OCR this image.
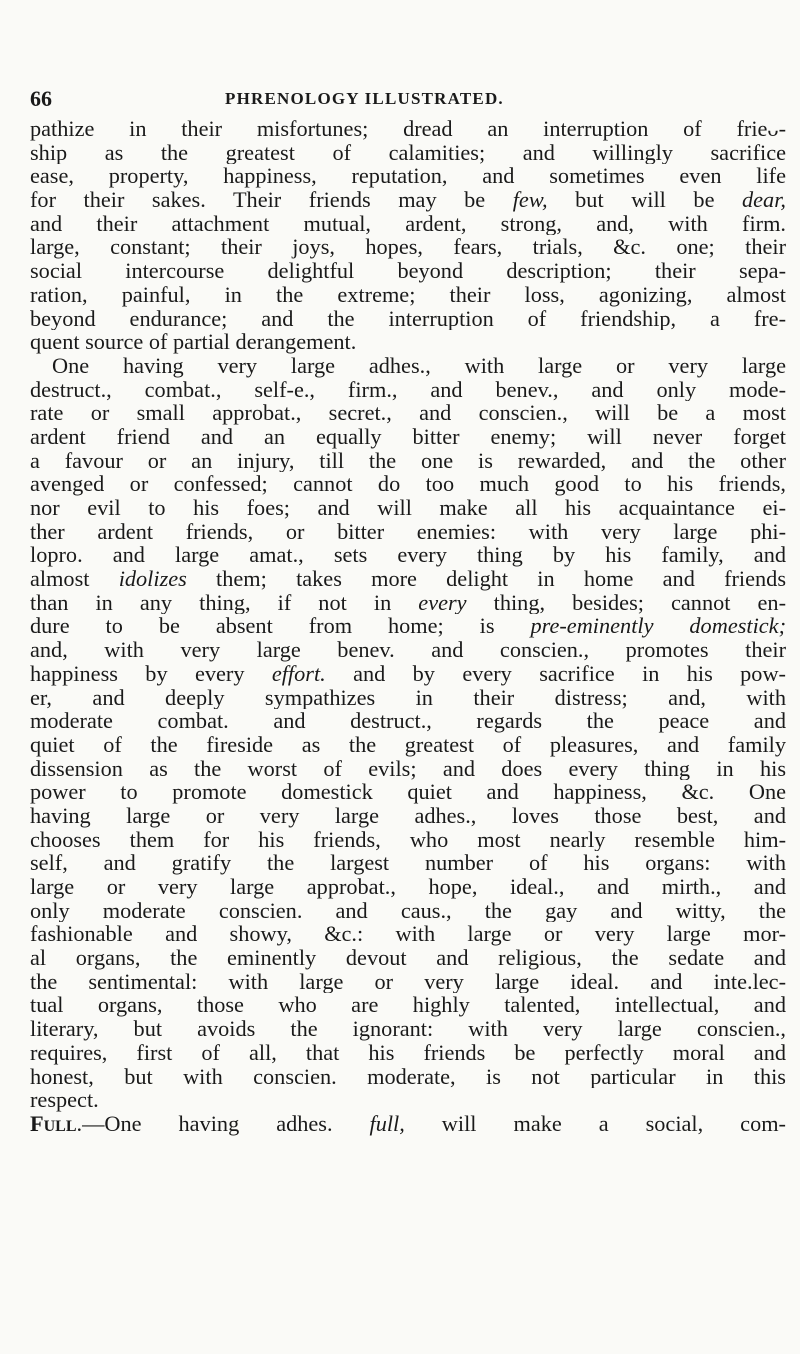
66	PHRENOLOGY ILLUSTRATED.
pathize in their misfortunes; dread an interruption of frieᴗ-
ship as the greatest of calamities; and willingly sacrifice
ease, property, happiness, reputation, and sometimes even life
for their sakes. Their friends may be few, but will be dear,
and their attachment mutual, ardent, strong, and, with firm.
large, constant; their joys, hopes, fears, trials, &c. one; their
social intercourse delightful beyond description; their sepa-
ration, painful, in the extreme; their loss, agonizing, almost
beyond endurance; and the interruption of friendship, a fre-
quent source of partial derangement.
One having very large adhes., with large or very large
destruct., combat., self-e., firm., and benev., and only mode-
rate or small approbat., secret., and conscien., will be a most
ardent friend and an equally bitter enemy; will never forget
a favour or an injury, till the one is rewarded, and the other
avenged or confessed; cannot do too much good to his friends,
nor evil to his foes; and will make all his acquaintance ei-
ther ardent friends, or bitter enemies: with very large phi-
lopro. and large amat., sets every thing by his family, and
almost idolizes them; takes more delight in home and friends
than in any thing, if not in every thing, besides; cannot en-
dure to be absent from home; is pre-eminently domestick;
and, with very large benev. and conscien., promotes their
happiness by every effort. and by every sacrifice in his pow-
er, and deeply sympathizes in their distress; and, with
moderate combat. and destruct., regards the peace and
quiet of the fireside as the greatest of pleasures, and family
dissension as the worst of evils; and does every thing in his
power to promote domestick quiet and happiness, &c. One
having large or very large adhes., loves those best, and
chooses them for his friends, who most nearly resemble him-
self, and gratify the largest number of his organs: with
large or very large approbat., hope, ideal., and mirth., and
only moderate conscien. and caus., the gay and witty, the
fashionable and showy, &c.: with large or very large mor-
al organs, the eminently devout and religious, the sedate and
the sentimental: with large or very large ideal. and inte.lec-
tual organs, those who are highly talented, intellectual, and
literary, but avoids the ignorant: with very large conscien.,
requires, first of all, that his friends be perfectly moral and
honest, but with conscien. moderate, is not particular in this
respect.
Full.—One having adhes. full, will make a social, com-
